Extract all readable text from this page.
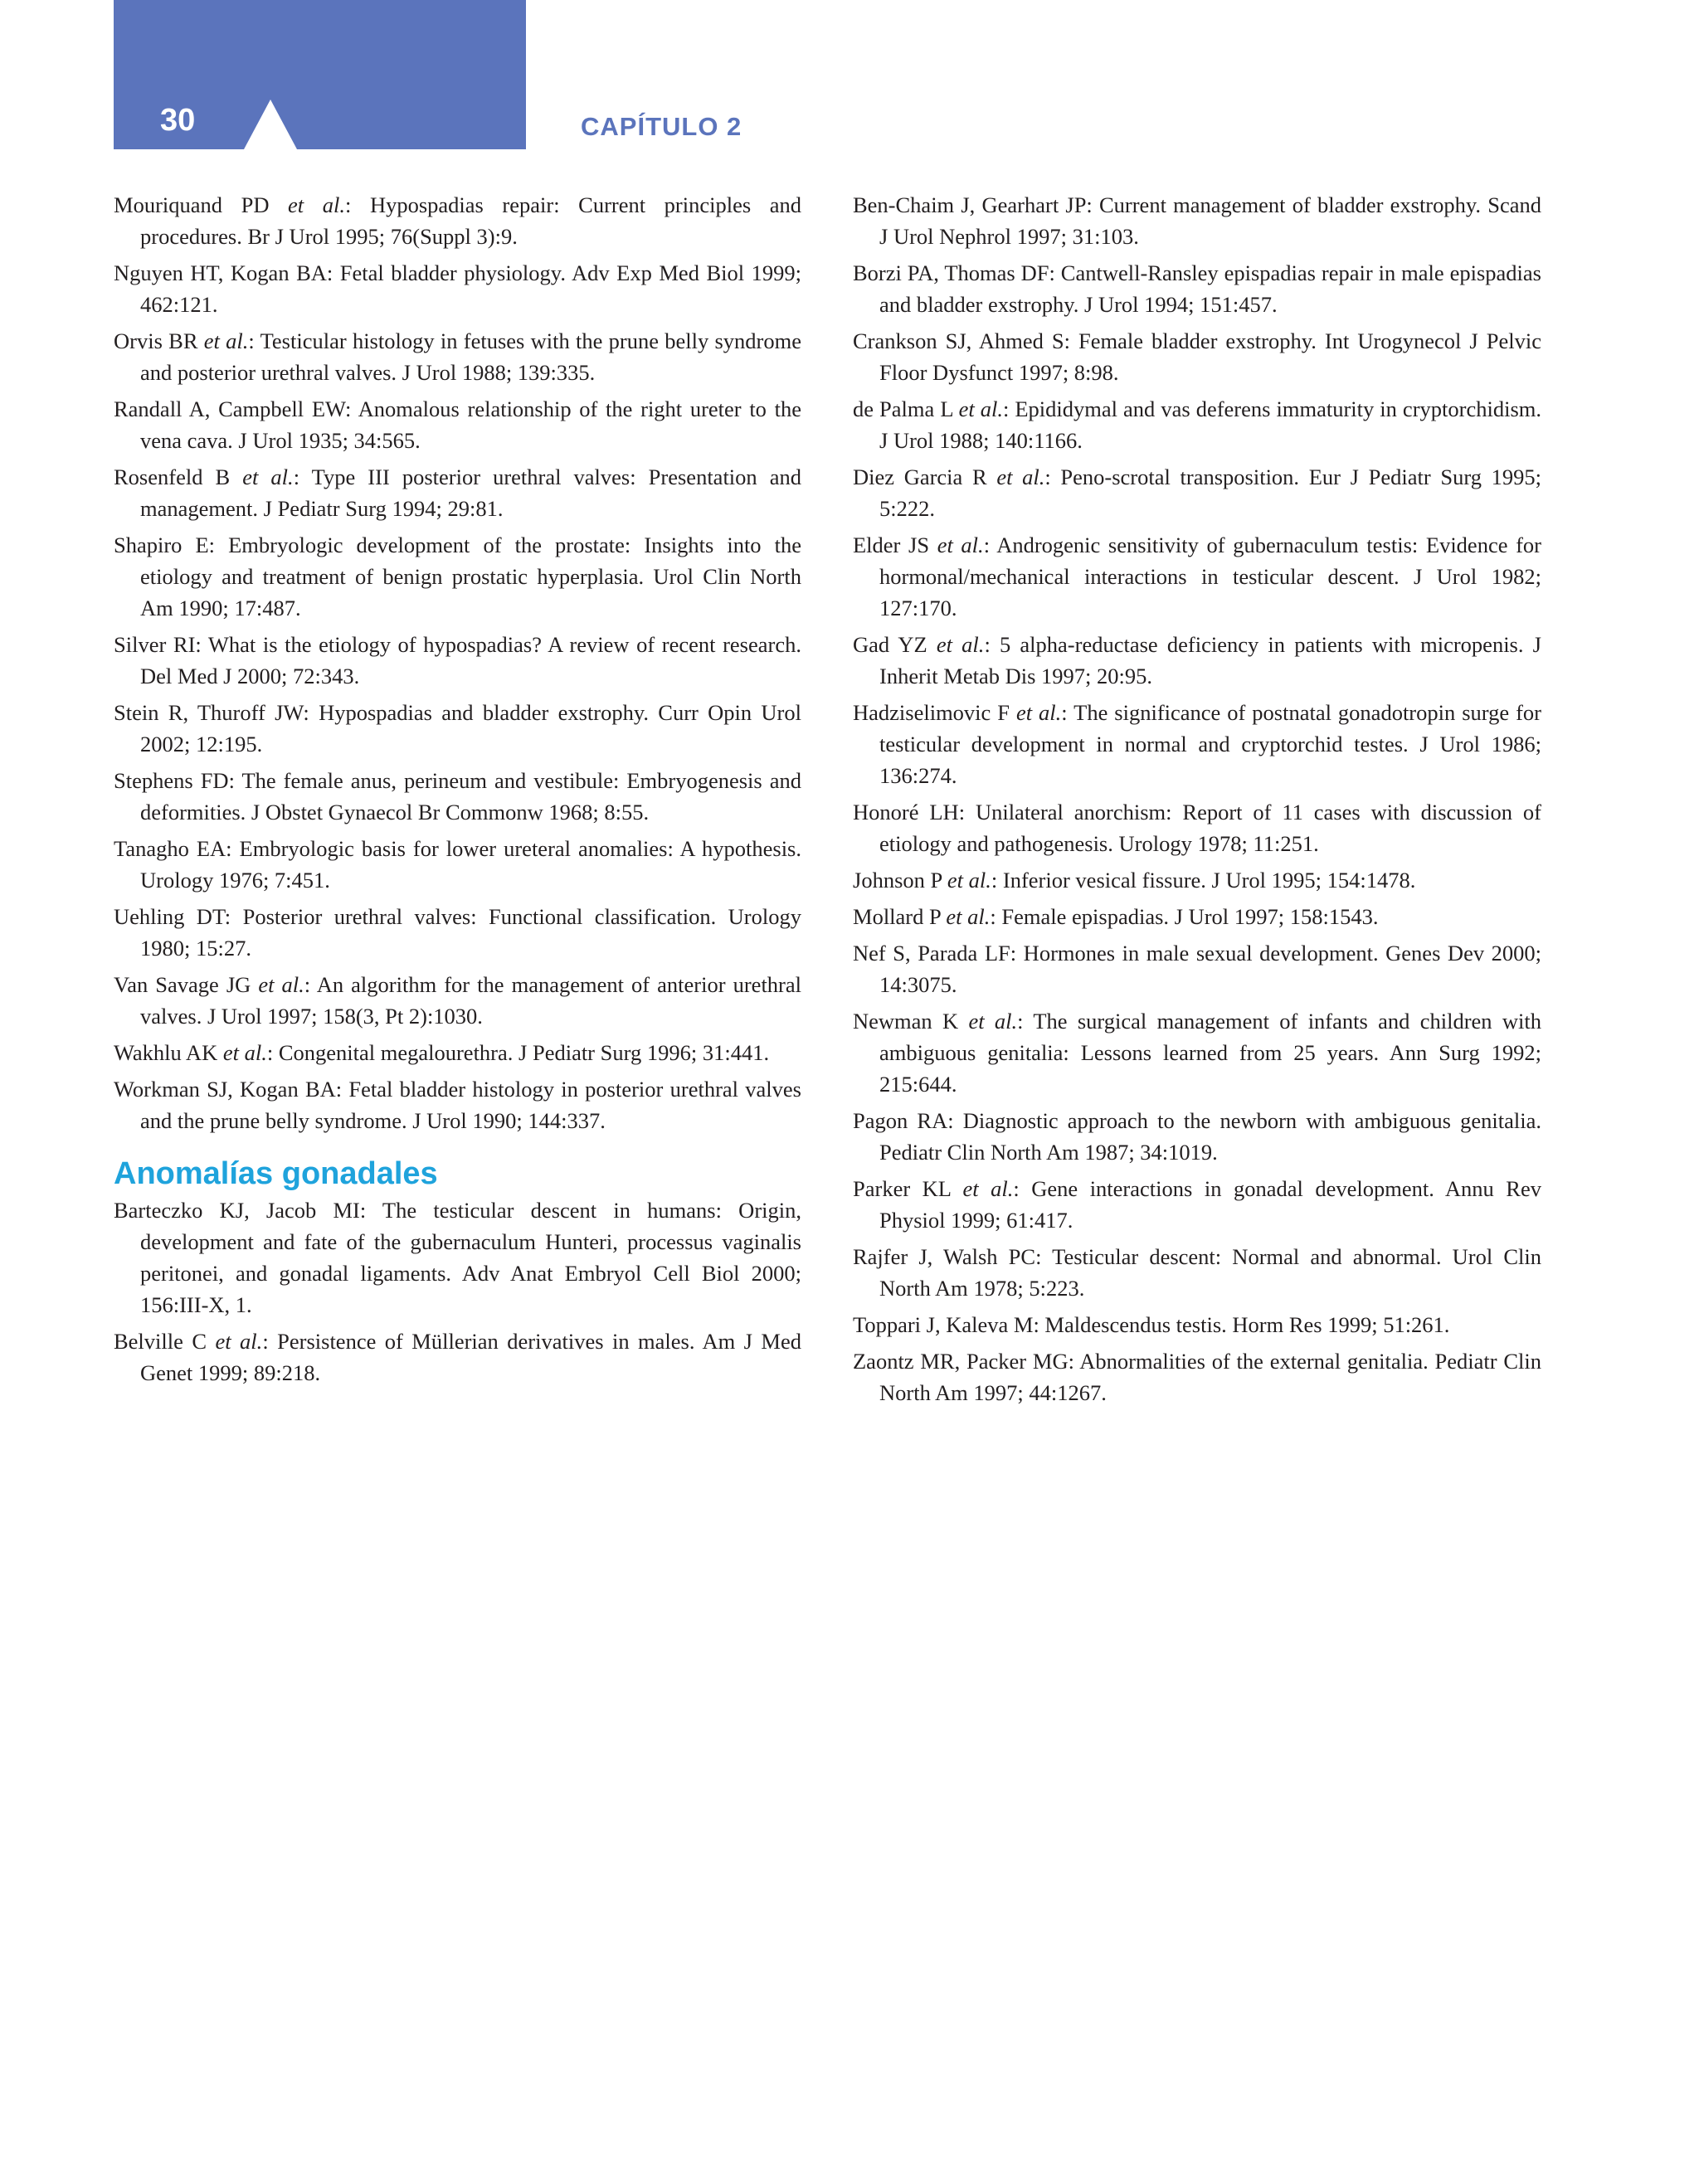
30	CAPÍTULO 2

Mouriquand PD et al.: Hypospadias repair: Current principles and procedures. Br J Urol 1995; 76(Suppl 3):9.

Nguyen HT, Kogan BA: Fetal bladder physiology. Adv Exp Med Biol 1999; 462:121.

Orvis BR et al.: Testicular histology in fetuses with the prune belly syndrome and posterior urethral valves. J Urol 1988; 139:335.

Randall A, Campbell EW: Anomalous relationship of the right ureter to the vena cava. J Urol 1935; 34:565.

Rosenfeld B et al.: Type III posterior urethral valves: Presentation and management. J Pediatr Surg 1994; 29:81.

Shapiro E: Embryologic development of the prostate: Insights into the etiology and treatment of benign prostatic hyperplasia. Urol Clin North Am 1990; 17:487.

Silver RI: What is the etiology of hypospadias? A review of recent research. Del Med J 2000; 72:343.

Stein R, Thuroff JW: Hypospadias and bladder exstrophy. Curr Opin Urol 2002; 12:195.

Stephens FD: The female anus, perineum and vestibule: Embryogenesis and deformities. J Obstet Gynaecol Br Commonw 1968; 8:55.

Tanagho EA: Embryologic basis for lower ureteral anomalies: A hypothesis. Urology 1976; 7:451.

Uehling DT: Posterior urethral valves: Functional classification. Urology 1980; 15:27.

Van Savage JG et al.: An algorithm for the management of anterior urethral valves. J Urol 1997; 158(3, Pt 2):1030.

Wakhlu AK et al.: Congenital megalourethra. J Pediatr Surg 1996; 31:441.

Workman SJ, Kogan BA: Fetal bladder histology in posterior urethral valves and the prune belly syndrome. J Urol 1990; 144:337.

Anomalías gonadales

Barteczko KJ, Jacob MI: The testicular descent in humans: Origin, development and fate of the gubernaculum Hunteri, processus vaginalis peritonei, and gonadal ligaments. Adv Anat Embryol Cell Biol 2000; 156:III-X, 1.

Belville C et al.: Persistence of Müllerian derivatives in males. Am J Med Genet 1999; 89:218.

Ben-Chaim J, Gearhart JP: Current management of bladder exstrophy. Scand J Urol Nephrol 1997; 31:103.

Borzi PA, Thomas DF: Cantwell-Ransley epispadias repair in male epispadias and bladder exstrophy. J Urol 1994; 151:457.

Crankson SJ, Ahmed S: Female bladder exstrophy. Int Urogynecol J Pelvic Floor Dysfunct 1997; 8:98.

de Palma L et al.: Epididymal and vas deferens immaturity in cryptorchidism. J Urol 1988; 140:1166.

Diez Garcia R et al.: Peno-scrotal transposition. Eur J Pediatr Surg 1995; 5:222.

Elder JS et al.: Androgenic sensitivity of gubernaculum testis: Evidence for hormonal/mechanical interactions in testicular descent. J Urol 1982; 127:170.

Gad YZ et al.: 5 alpha-reductase deficiency in patients with micropenis. J Inherit Metab Dis 1997; 20:95.

Hadziselimovic F et al.: The significance of postnatal gonadotropin surge for testicular development in normal and cryptorchid testes. J Urol 1986; 136:274.

Honoré LH: Unilateral anorchism: Report of 11 cases with discussion of etiology and pathogenesis. Urology 1978; 11:251.

Johnson P et al.: Inferior vesical fissure. J Urol 1995; 154:1478.

Mollard P et al.: Female epispadias. J Urol 1997; 158:1543.

Nef S, Parada LF: Hormones in male sexual development. Genes Dev 2000; 14:3075.

Newman K et al.: The surgical management of infants and children with ambiguous genitalia: Lessons learned from 25 years. Ann Surg 1992; 215:644.

Pagon RA: Diagnostic approach to the newborn with ambiguous genitalia. Pediatr Clin North Am 1987; 34:1019.

Parker KL et al.: Gene interactions in gonadal development. Annu Rev Physiol 1999; 61:417.

Rajfer J, Walsh PC: Testicular descent: Normal and abnormal. Urol Clin North Am 1978; 5:223.

Toppari J, Kaleva M: Maldescendus testis. Horm Res 1999; 51:261.

Zaontz MR, Packer MG: Abnormalities of the external genitalia. Pediatr Clin North Am 1997; 44:1267.
